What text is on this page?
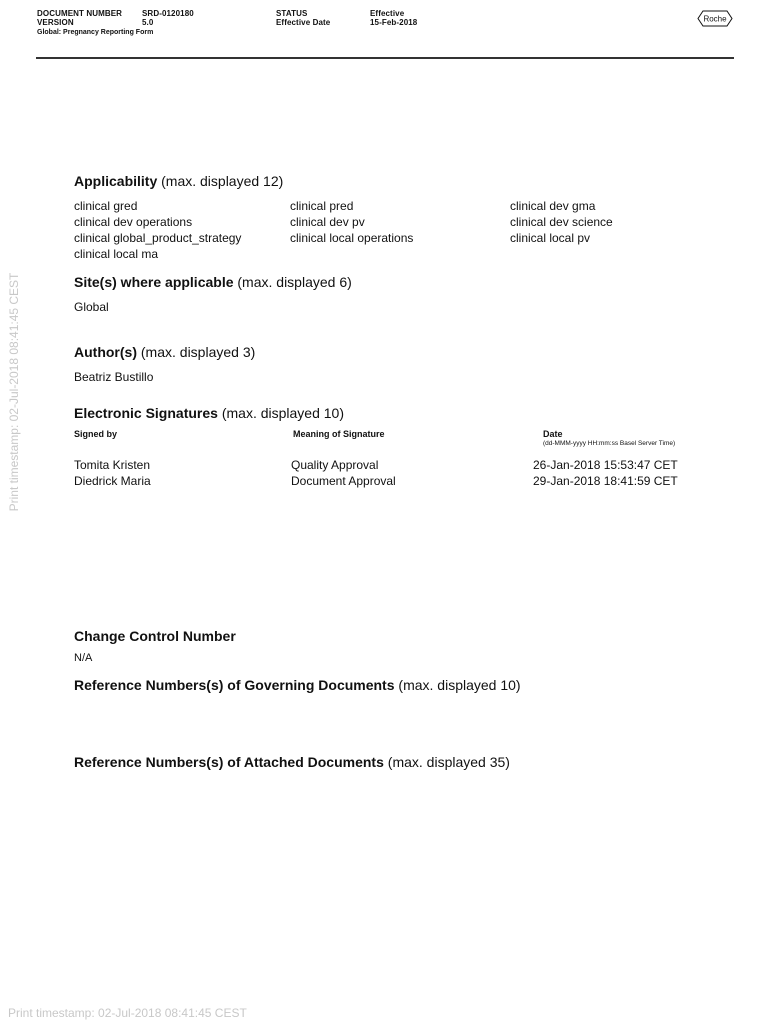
DOCUMENT NUMBER SRD-0120180
VERSION	5.0
Global: Pregnancy Reporting Form
STATUS	Effective
Effective Date	15-Feb-2018	Roche
Applicability (max. displayed 12)
clinical gred
clinical dev operations
clinical global_product_strategy
clinical local ma
clinical pred
clinical dev pv
clinical local operations
clinical dev gma
clinical dev science
clinical local pv
Site(s) where applicable (max. displayed 6)
Global
Author(s) (max. displayed 3)
Beatriz Bustillo
Electronic Signatures (max. displayed 10)
Signed by	Meaning of Signature	Date
(dd-MMM-yyyy HH:mm:ss Basel Server Time)
Tomita Kristen	Quality Approval	26-Jan-2018 15:53:47 CET
Diedrick Maria	Document Approval	29-Jan-2018 18:41:59 CET
Change Control Number
N/A
Reference Numbers(s) of Governing Documents (max. displayed 10)
Reference Numbers(s) of Attached Documents (max. displayed 35)
Print timestamp: 02-Jul-2018 08:41:45 CEST
Print timestamp: 02-Jul-2018 08:41:45 CEST
